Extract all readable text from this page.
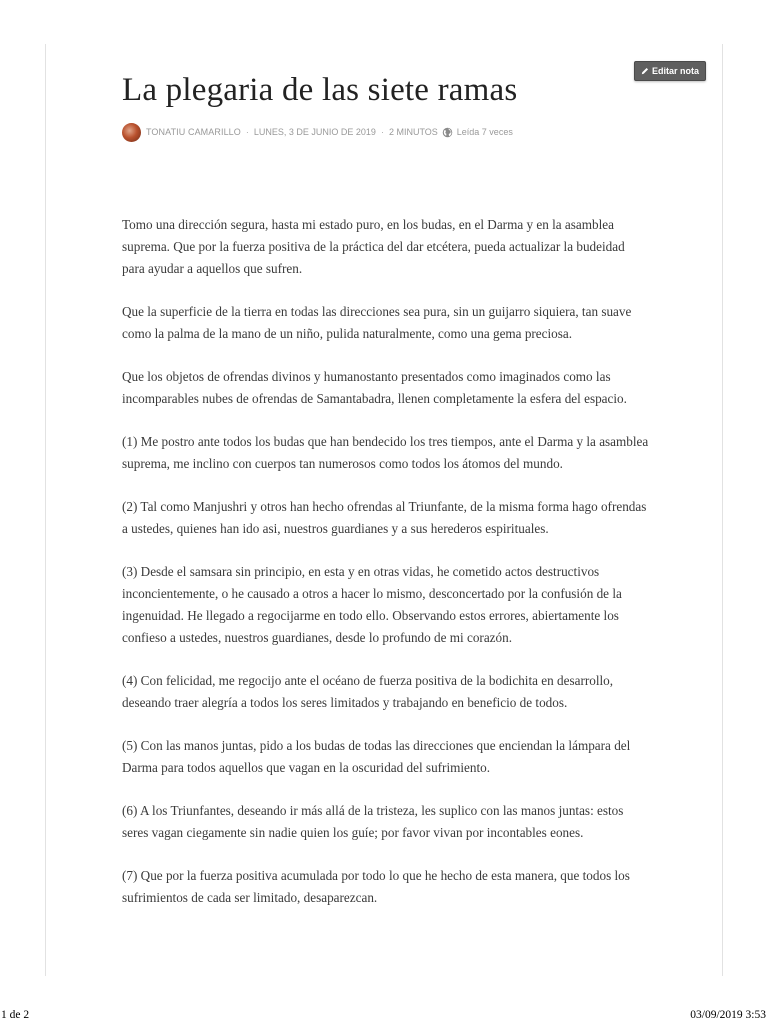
Editar nota
La plegaria de las siete ramas
TONATIU CAMARILLO · LUNES, 3 DE JUNIO DE 2019 · 2 MINUTOS Leída 7 veces

Tomo una dirección segura, hasta mi estado puro, en los budas, en el Darma y en la asamblea suprema. Que por la fuerza positiva de la práctica del dar etcétera, pueda actualizar la budeidad para ayudar a aquellos que sufren.

Que la superficie de la tierra en todas las direcciones sea pura, sin un guijarro siquiera, tan suave como la palma de la mano de un niño, pulida naturalmente, como una gema preciosa.

Que los objetos de ofrendas divinos y humanostanto presentados como imaginados como las incomparables nubes de ofrendas de Samantabadra, llenen completamente la esfera del espacio.

(1) Me postro ante todos los budas que han bendecido los tres tiempos, ante el Darma y la asamblea suprema, me inclino con cuerpos tan numerosos como todos los átomos del mundo.

(2) Tal como Manjushri y otros han hecho ofrendas al Triunfante, de la misma forma hago ofrendas a ustedes, quienes han ido asi, nuestros guardianes y a sus herederos espirituales.

(3) Desde el samsara sin principio, en esta y en otras vidas, he cometido actos destructivos inconcientemente, o he causado a otros a hacer lo mismo, desconcertado por la confusión de la ingenuidad. He llegado a regocijarme en todo ello. Observando estos errores, abiertamente los confieso a ustedes, nuestros guardianes, desde lo profundo de mi corazón.

(4) Con felicidad, me regocijo ante el océano de fuerza positiva de la bodichita en desarrollo, deseando traer alegría a todos los seres limitados y trabajando en beneficio de todos.

(5) Con las manos juntas, pido a los budas de todas las direcciones que enciendan la lámpara del Darma para todos aquellos que vagan en la oscuridad del sufrimiento.

(6) A los Triunfantes, deseando ir más allá de la tristeza, les suplico con las manos juntas: estos seres vagan ciegamente sin nadie quien los guíe; por favor vivan por incontables eones.

(7) Que por la fuerza positiva acumulada por todo lo que he hecho de esta manera, que todos los sufrimientos de cada ser limitado, desaparezcan.

1 de 2	03/09/2019 3:53
